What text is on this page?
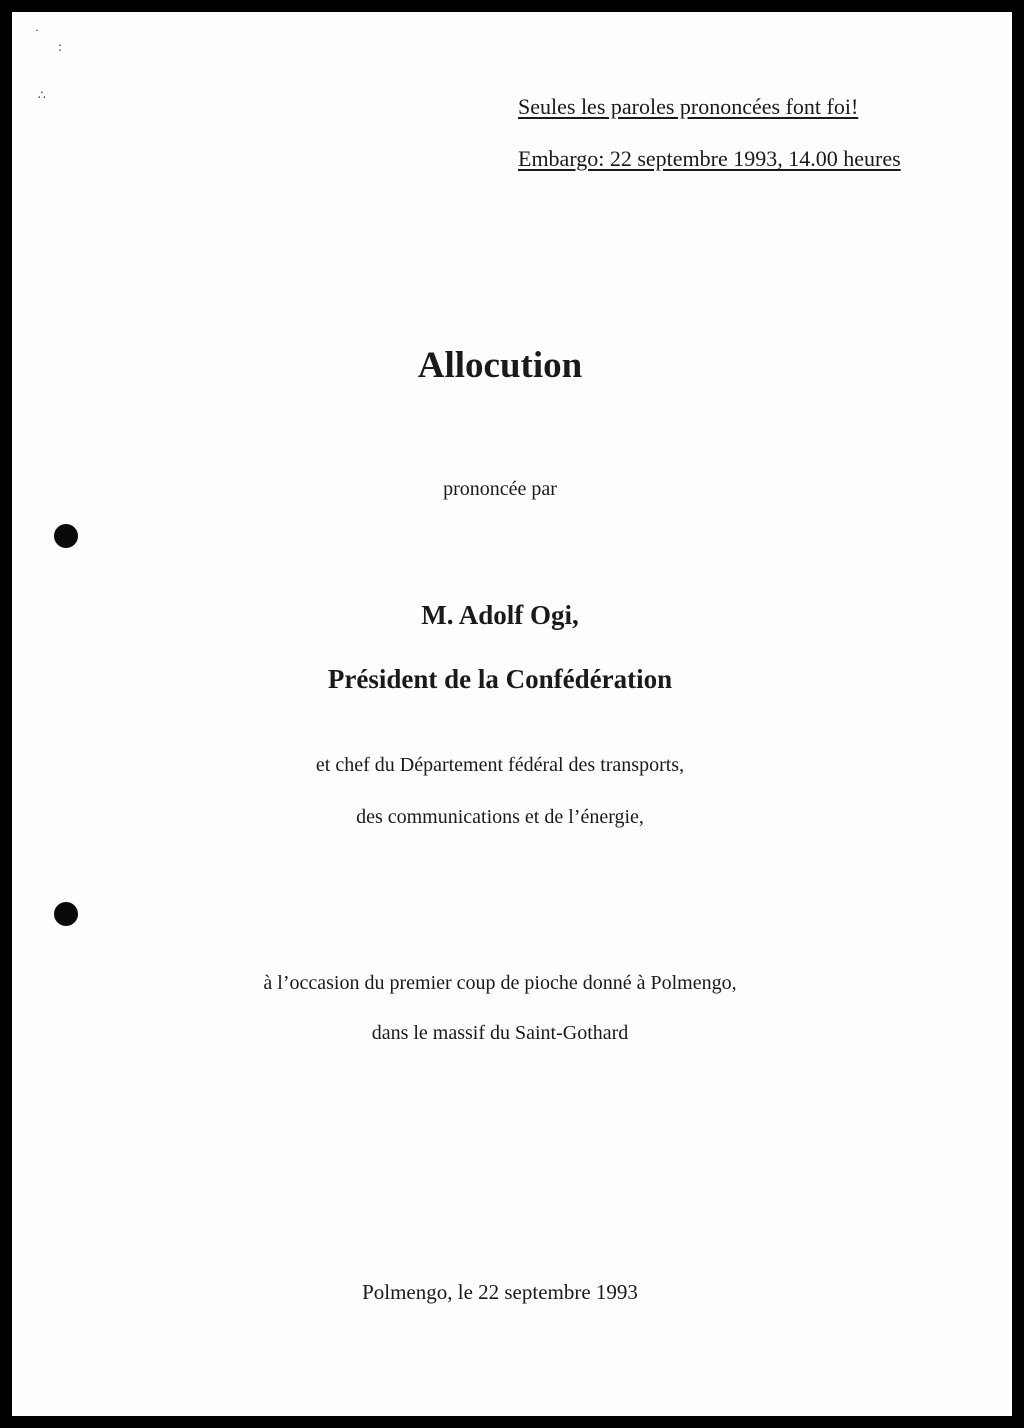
˙
:
∴	Seules les paroles prononcées font foi!
Embargo: 22 septembre 1993, 14.00 heures
Allocution
prononcée par
M. Adolf Ogi,
Président de la Confédération
et chef du Département fédéral des transports,
des communications et de l’énergie,
à l’occasion du premier coup de pioche donné à Polmengo,
dans le massif du Saint-Gothard
Polmengo, le 22 septembre 1993
